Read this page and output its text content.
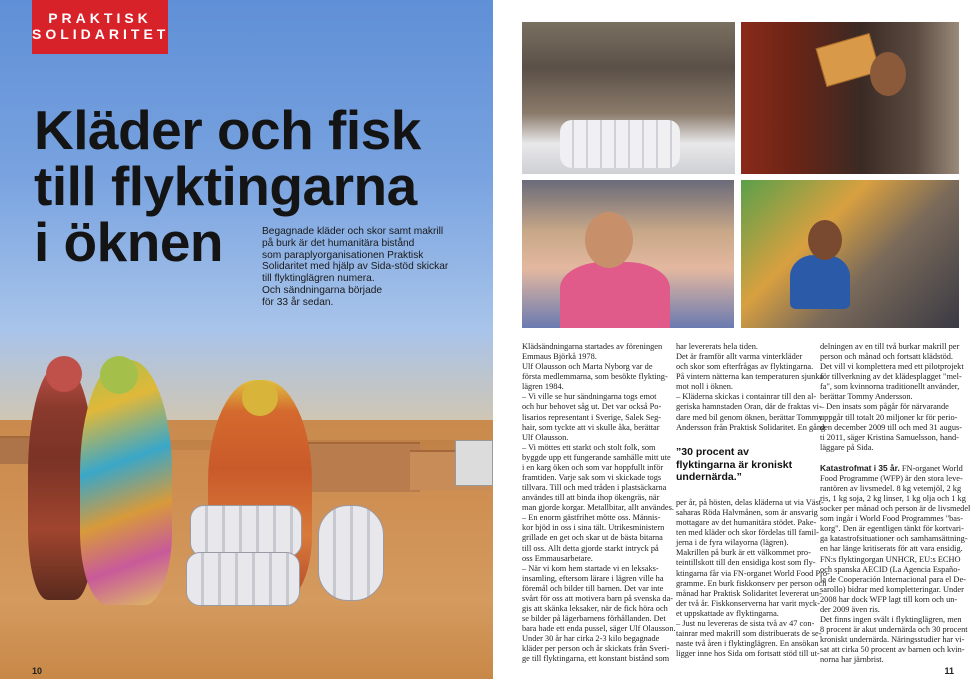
PRAKTISK
SOLIDARITET
Kläder och fisk
till flyktingarna
i öknen	Begagnade kläder och skor samt makrill
på burk är det humanitära bistånd
som paraplyorganisationen Praktisk
Solidaritet med hjälp av Sida-stöd skickar
till flyktinglägren numera.
Och sändningarna började
för 33 år sedan.
10
Klädsändningarna startades av föreningen
Emmaus Björkå 1978.
Ulf Olausson och Marta Nyborg var de
första medlemmarna, som besökte flykting-
lägren 1984.
– Vi ville se hur sändningarna togs emot
och hur behovet såg ut. Det var också Po-
lisarios representant i Sverige, Salek Seg-
hair, som tyckte att vi skulle åka, berättar
Ulf Olausson.
– Vi möttes ett starkt och stolt folk, som
byggde upp ett fungerande samhälle mitt ute
i en karg öken och som var hoppfullt inför
framtiden. Varje sak som vi skickade togs
tillvara. Till och med tråden i plastsäckarna
användes till att binda ihop ökengräs, när
man gjorde korgar. Metallbitar, allt användes.
– En enorm gästfrihet mötte oss. Männis-
kor bjöd in oss i sina tält. Utrikesministern
grillade en get och skar ut de bästa bitarna
till oss. Allt detta gjorde starkt intryck på
oss Emmausarbetare.
– När vi kom hem startade vi en leksaks-
insamling, eftersom lärare i lägren ville ha
föremål och bilder till barnen. Det var inte
svårt för oss att motivera barn på svenska da-
gis att skänka leksaker, när de fick höra och
se bilder på lägerbarnens förhållanden. Det
bara hade ett enda pussel, säger Ulf Olausson.
Under 30 år har cirka 2-3 kilo begagnade
kläder per person och år skickats från Sveri-
ge till flyktingarna, ett konstant bistånd som
har levererats hela tiden.
Det är framför allt varma vinterkläder
och skor som efterfrågas av flyktingarna.
På vintern nätterna kan temperaturen sjunka
mot noll i öknen.
– Kläderna skickas i containrar till den al-
geriska hamnstaden Oran, där de fraktas vi-
dare med bil genom öknen, berättar Tommy
Andersson från Praktisk Solidaritet. En gång
”30 procent av
flyktingarna är kroniskt
undernärda.”
per år, på hösten, delas kläderna ut via Väst-
saharas Röda Halvmånen, som är ansvarig
mottagare av det humanitära stödet. Pake-
ten med kläder och skor fördelas till famil-
jerna i de fyra wilayorna (lägren).
Makrillen på burk är ett välkommet pro-
teintillskott till den ensidiga kost som fly-
ktingarna får via FN-organet World Food Pro-
gramme. En burk fiskkonserv per person och
månad har Praktisk Solidaritet levererat un-
der två år. Fiskkonserverna har varit myck-
et uppskattade av flyktingarna.
– Just nu levereras de sista två av 47 con-
tainrar med makrill som distribuerats de se-
naste två åren i flyktinglägren. En ansökan
ligger inne hos Sida om fortsatt stöd till ut-
delningen av en till två burkar makrill per
person och månad och fortsatt klädstöd.
Det vill vi komplettera med ett pilotprojekt
för tillverkning av det klädesplagget "mel-
fa", som kvinnorna traditionellt använder,
berättar Tommy Andersson.
– Den insats som pågår för närvarande
uppgår till totalt 20 miljoner kr för perio-
den december 2009 till och med 31 augus-
ti 2011, säger Kristina Samuelsson, hand-
läggare på Sida.
Katastrofmat i 35 år. FN-organet World
Food Programme (WFP) är den stora leve-
rantören av livsmedel. 8 kg vetemjöl, 2 kg
ris, 1 kg soja, 2 kg linser, 1 kg olja och 1 kg
socker per månad och person är de livsmedel
som ingår i World Food Programmes "bas-
korg". Den är egentligen tänkt för kortvari-
ga katastrofsituationer och samhamsättning-
en har länge kritiserats för att vara ensidig.
FN:s flyktingorgan UNHCR, EU:s ECHO
och spanska AECID (La Agencia Españo-
la de Cooperación Internacional para el De-
sarollo) bidrar med kompletteringar. Under
2008 har dock WFP lagt till korn och un-
der 2009 även ris.
Det finns ingen svält i flyktinglägren, men
8 procent är akut undernärda och 30 procent
kroniskt undernärda. Näringsstudier har vi-
sat att cirka 50 procent av barnen och kvin-
norna har järnbrist.
11
